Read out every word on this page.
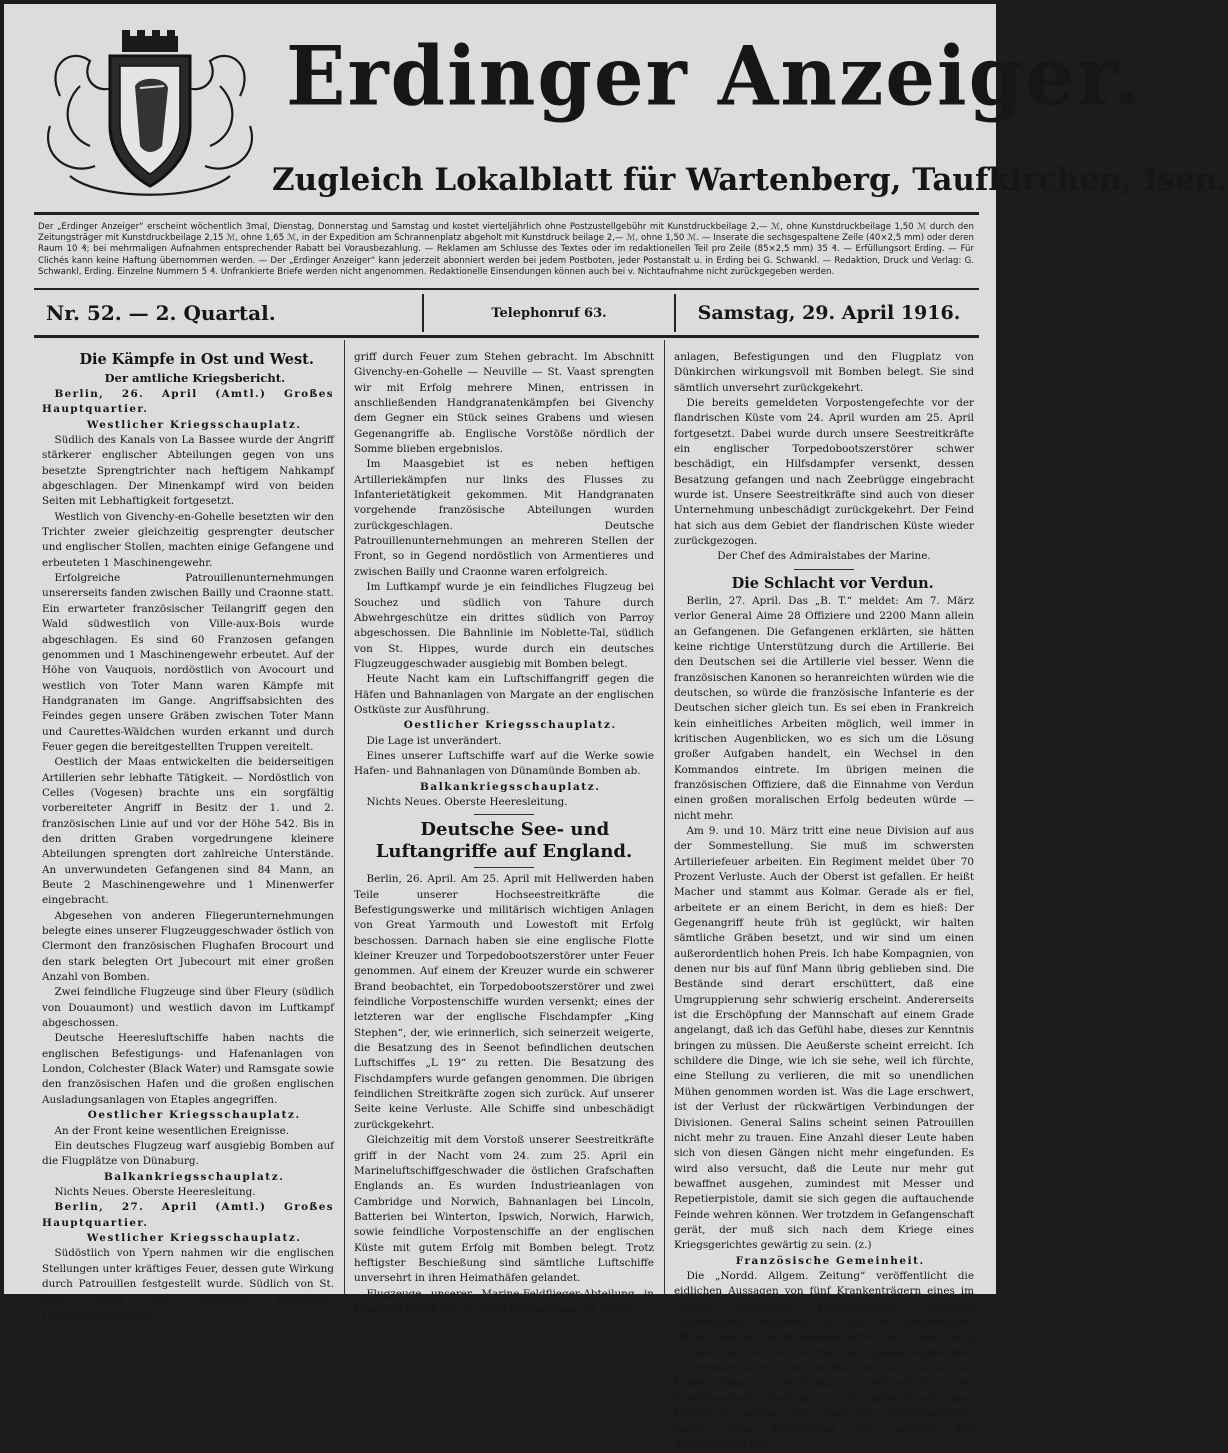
00090940
Erdinger Anzeiger.
Zugleich Lokalblatt für Wartenberg, Taufkirchen, Isen.
Der „Erdinger Anzeiger“ erscheint wöchentlich 3mal, Dienstag, Donnerstag und Samstag und kostet vierteljährlich ohne Postzustellgebühr mit Kunstdruckbeilage 2,— ℳ, ohne Kunstdruckbeilage 1,50 ℳ durch den Zeitungsträger mit Kunstdruckbeilage 2,15 ℳ, ohne 1,65 ℳ, in der Expedition am Schrannenplatz abgeholt mit Kunstdruck beilage 2,— ℳ, ohne 1,50 ℳ. — Inserate die sechsgespaltene Zeile (40×2,5 mm) oder deren Raum 10 ₰; bei mehrmaligen Aufnahmen entsprechender Rabatt bei Vorausbezahlung. — Reklamen am Schlusse des Textes oder im redaktionellen Teil pro Zeile (85×2,5 mm) 35 ₰. — Erfüllungsort Erding. — Für Clichés kann keine Haftung übernommen werden. — Der „Erdinger Anzeiger“ kann jederzeit abonniert werden bei jedem Postboten, jeder Postanstalt u. in Erding bei G. Schwankl. — Redaktion, Druck und Verlag: G. Schwankl, Erding. Einzelne Nummern 5 ₰. Unfrankierte Briefe werden nicht angenommen. Redaktionelle Einsendungen können auch bei v. Nichtaufnahme nicht zurückgegeben werden.
Nr. 52. — 2. Quartal.	Telephonruf 63.	Samstag, 29. April 1916.

Die Kämpfe in Ost und West.

Der amtliche Kriegsbericht.

Berlin, 26. April (Amtl.) Großes Hauptquartier.

Westlicher Kriegsschauplatz.

Südlich des Kanals von La Bassee wurde der Angriff stärkerer englischer Abteilungen gegen von uns besetzte Sprengtrichter nach heftigem Nahkampf abgeschlagen. Der Minenkampf wird von beiden Seiten mit Lebhaftigkeit fortgesetzt.

Westlich von Givenchy-en-Gohelle besetzten wir den Trichter zweier gleichzeitig gesprengter deutscher und englischer Stollen, machten einige Gefangene und erbeuteten 1 Maschinengewehr.

Erfolgreiche Patrouillenunternehmungen unsererseits fanden zwischen Bailly und Craonne statt. Ein erwarteter französischer Teilangriff gegen den Wald südwestlich von Ville-aux-Bois wurde abgeschlagen. Es sind 60 Franzosen gefangen genommen und 1 Maschinengewehr erbeutet. Auf der Höhe von Vauquois, nordöstlich von Avocourt und westlich von Toter Mann waren Kämpfe mit Handgranaten im Gange. Angriffsabsichten des Feindes gegen unsere Gräben zwischen Toter Mann und Caurettes-Wäldchen wurden erkannt und durch Feuer gegen die bereitgestellten Truppen vereitelt.

Oestlich der Maas entwickelten die beiderseitigen Artillerien sehr lebhafte Tätigkeit. — Nordöstlich von Celles (Vogesen) brachte uns ein sorgfältig vorbereiteter Angriff in Besitz der 1. und 2. französischen Linie auf und vor der Höhe 542. Bis in den dritten Graben vorgedrungene kleinere Abteilungen sprengten dort zahlreiche Unterstände. An unverwundeten Gefangenen sind 84 Mann, an Beute 2 Maschinengewehre und 1 Minenwerfer eingebracht.

Abgesehen von anderen Fliegerunternehmungen belegte eines unserer Flugzeuggeschwader östlich von Clermont den französischen Flughafen Brocourt und den stark belegten Ort Jubecourt mit einer großen Anzahl von Bomben.

Zwei feindliche Flugzeuge sind über Fleury (südlich von Douaumont) und westlich davon im Luftkampf abgeschossen.

Deutsche Heeresluftschiffe haben nachts die englischen Befestigungs- und Hafenanlagen von London, Colchester (Black Water) und Ramsgate sowie den französischen Hafen und die großen englischen Ausladungsanlagen von Etaples angegriffen.

Oestlicher Kriegsschauplatz.

An der Front keine wesentlichen Ereignisse.

Ein deutsches Flugzeug warf ausgiebig Bomben auf die Flugplätze von Dünaburg.

Balkankriegsschauplatz.

Nichts Neues. Oberste Heeresleitung.

Berlin, 27. April (Amtl.) Großes Hauptquartier.

Westlicher Kriegsschauplatz.

Südöstlich von Ypern nahmen wir die englischen Stellungen unter kräftiges Feuer, dessen gute Wirkung durch Patrouillen festgestellt wurde. Südlich von St. Eloi wurde ein stärkerer feindlicher Handgranatenangriff

griff durch Feuer zum Stehen gebracht. Im Abschnitt Givenchy-en-Gohelle — Neuville — St. Vaast sprengten wir mit Erfolg mehrere Minen, entrissen in anschließenden Handgranatenkämpfen bei Givenchy dem Gegner ein Stück seines Grabens und wiesen Gegenangriffe ab. Englische Vorstöße nördlich der Somme blieben ergebnislos.

Im Maasgebiet ist es neben heftigen Artilleriekämpfen nur links des Flusses zu Infanterietätigkeit gekommen. Mit Handgranaten vorgehende französische Abteilungen wurden zurückgeschlagen. Deutsche Patrouillenunternehmungen an mehreren Stellen der Front, so in Gegend nordöstlich von Armentieres und zwischen Bailly und Craonne waren erfolgreich.

Im Luftkampf wurde je ein feindliches Flugzeug bei Souchez und südlich von Tahure durch Abwehrgeschütze ein drittes südlich von Parroy abgeschossen. Die Bahnlinie im Noblette-Tal, südlich von St. Hippes, wurde durch ein deutsches Flugzeuggeschwader ausgiebig mit Bomben belegt.

Heute Nacht kam ein Luftschiffangriff gegen die Häfen und Bahnanlagen von Margate an der englischen Ostküste zur Ausführung.

Oestlicher Kriegsschauplatz.

Die Lage ist unverändert.

Eines unserer Luftschiffe warf auf die Werke sowie Hafen- und Bahnanlagen von Dünamünde Bomben ab.

Balkankriegsschauplatz.

Nichts Neues. Oberste Heeresleitung.

Deutsche See- und Luftangriffe auf England.

Berlin, 26. April. Am 25. April mit Hellwerden haben Teile unserer Hochseestreitkräfte die Befestigungswerke und militärisch wichtigen Anlagen von Great Yarmouth und Lowestoft mit Erfolg beschossen. Darnach haben sie eine englische Flotte kleiner Kreuzer und Torpedobootszerstörer unter Feuer genommen. Auf einem der Kreuzer wurde ein schwerer Brand beobachtet, ein Torpedobootszerstörer und zwei feindliche Vorpostenschiffe wurden versenkt; eines der letzteren war der englische Fischdampfer „King Stephen“, der, wie erinnerlich, sich seinerzeit weigerte, die Besatzung des in Seenot befindlichen deutschen Luftschiffes „L 19“ zu retten. Die Besatzung des Fischdampfers wurde gefangen genommen. Die übrigen feindlichen Streitkräfte zogen sich zurück. Auf unserer Seite keine Verluste. Alle Schiffe sind unbeschädigt zurückgekehrt.

Gleichzeitig mit dem Vorstoß unserer Seestreitkräfte griff in der Nacht vom 24. zum 25. April ein Marineluftschiffgeschwader die östlichen Grafschaften Englands an. Es wurden Industrieanlagen von Cambridge und Norwich, Bahnanlagen bei Lincoln, Batterien bei Winterton, Ipswich, Norwich, Harwich, sowie feindliche Vorpostenschiffe an der englischen Küste mit gutem Erfolg mit Bomben belegt. Trotz heftigster Beschießung sind sämtliche Luftschiffe unversehrt in ihren Heimathäfen gelandet.

Flugzeuge unserer Marine-Feldflieger-Abteilung in Flandern haben am 25. April frühmorgens die Hafen-

anlagen, Befestigungen und den Flugplatz von Dünkirchen wirkungsvoll mit Bomben belegt. Sie sind sämtlich unversehrt zurückgekehrt.

Die bereits gemeldeten Vorpostengefechte vor der flandrischen Küste vom 24. April wurden am 25. April fortgesetzt. Dabei wurde durch unsere Seestreitkräfte ein englischer Torpedobootszerstörer schwer beschädigt, ein Hilfsdampfer versenkt, dessen Besatzung gefangen und nach Zeebrügge eingebracht wurde ist. Unsere Seestreitkräfte sind auch von dieser Unternehmung unbeschädigt zurückgekehrt. Der Feind hat sich aus dem Gebiet der flandrischen Küste wieder zurückgezogen.

Der Chef des Admiralstabes der Marine.

Die Schlacht vor Verdun.

Berlin, 27. April. Das „B. T.“ meldet: Am 7. März verlor General Aime 28 Offiziere und 2200 Mann allein an Gefangenen. Die Gefangenen erklärten, sie hätten keine richtige Unterstützung durch die Artillerie. Bei den Deutschen sei die Artillerie viel besser. Wenn die französischen Kanonen so heranreichten würden wie die deutschen, so würde die französische Infanterie es der Deutschen sicher gleich tun. Es sei eben in Frankreich kein einheitliches Arbeiten möglich, weil immer in kritischen Augenblicken, wo es sich um die Lösung großer Aufgaben handelt, ein Wechsel in den Kommandos eintrete. Im übrigen meinen die französischen Offiziere, daß die Einnahme von Verdun einen großen moralischen Erfolg bedeuten würde — nicht mehr.

Am 9. und 10. März tritt eine neue Division auf aus der Sommestellung. Sie muß im schwersten Artilleriefeuer arbeiten. Ein Regiment meldet über 70 Prozent Verluste. Auch der Oberst ist gefallen. Er heißt Macher und stammt aus Kolmar. Gerade als er fiel, arbeitete er an einem Bericht, in dem es hieß: Der Gegenangriff heute früh ist geglückt, wir halten sämtliche Gräben besetzt, und wir sind um einen außerordentlich hohen Preis. Ich habe Kompagnien, von denen nur bis auf fünf Mann übrig geblieben sind. Die Bestände sind derart erschüttert, daß eine Umgruppierung sehr schwierig erscheint. Andererseits ist die Erschöpfung der Mannschaft auf einem Grade angelangt, daß ich das Gefühl habe, dieses zur Kenntnis bringen zu müssen. Die Aeußerste scheint erreicht. Ich schildere die Dinge, wie ich sie sehe, weil ich fürchte, eine Stellung zu verlieren, die mit so unendlichen Mühen genommen worden ist. Was die Lage erschwert, ist der Verlust der rückwärtigen Verbindungen der Divisionen. General Salins scheint seinen Patrouillen nicht mehr zu trauen. Eine Anzahl dieser Leute haben sich von diesen Gängen nicht mehr eingefunden. Es wird also versucht, daß die Leute nur mehr gut bewaffnet ausgehen, zumindest mit Messer und Repetierpistole, damit sie sich gegen die auftauchende Feinde wehren können. Wer trotzdem in Gefangenschaft gerät, der muß sich nach dem Kriege eines Kriegsgerichtes gewärtig zu sein. (z.)

Französische Gemeinheit.

Die „Nordd. Allgem. Zeitung“ veröffentlicht die eidlichen Aussagen von fünf Krankenträgern eines im Westen stehenden Jägerbataillons, wodurch unumstößlich festgelegt ist, daß ein französischer Offizier den die Sanitätsmannschaften durch Bedrohung mit dem Revolver zum Verrat ihrer eigenen Kameraden zu verleiten suchte, und da ihm dies nicht fuchte, die Krankenträger meuchlings niederschoß. Der Sanitätsgefreite Hellinger wurde dabei durch einen Kopfschuß getötet. Die deutschen Sanitätssoldaten waren völlig unbewaffnet und machten den französischen Offi-
